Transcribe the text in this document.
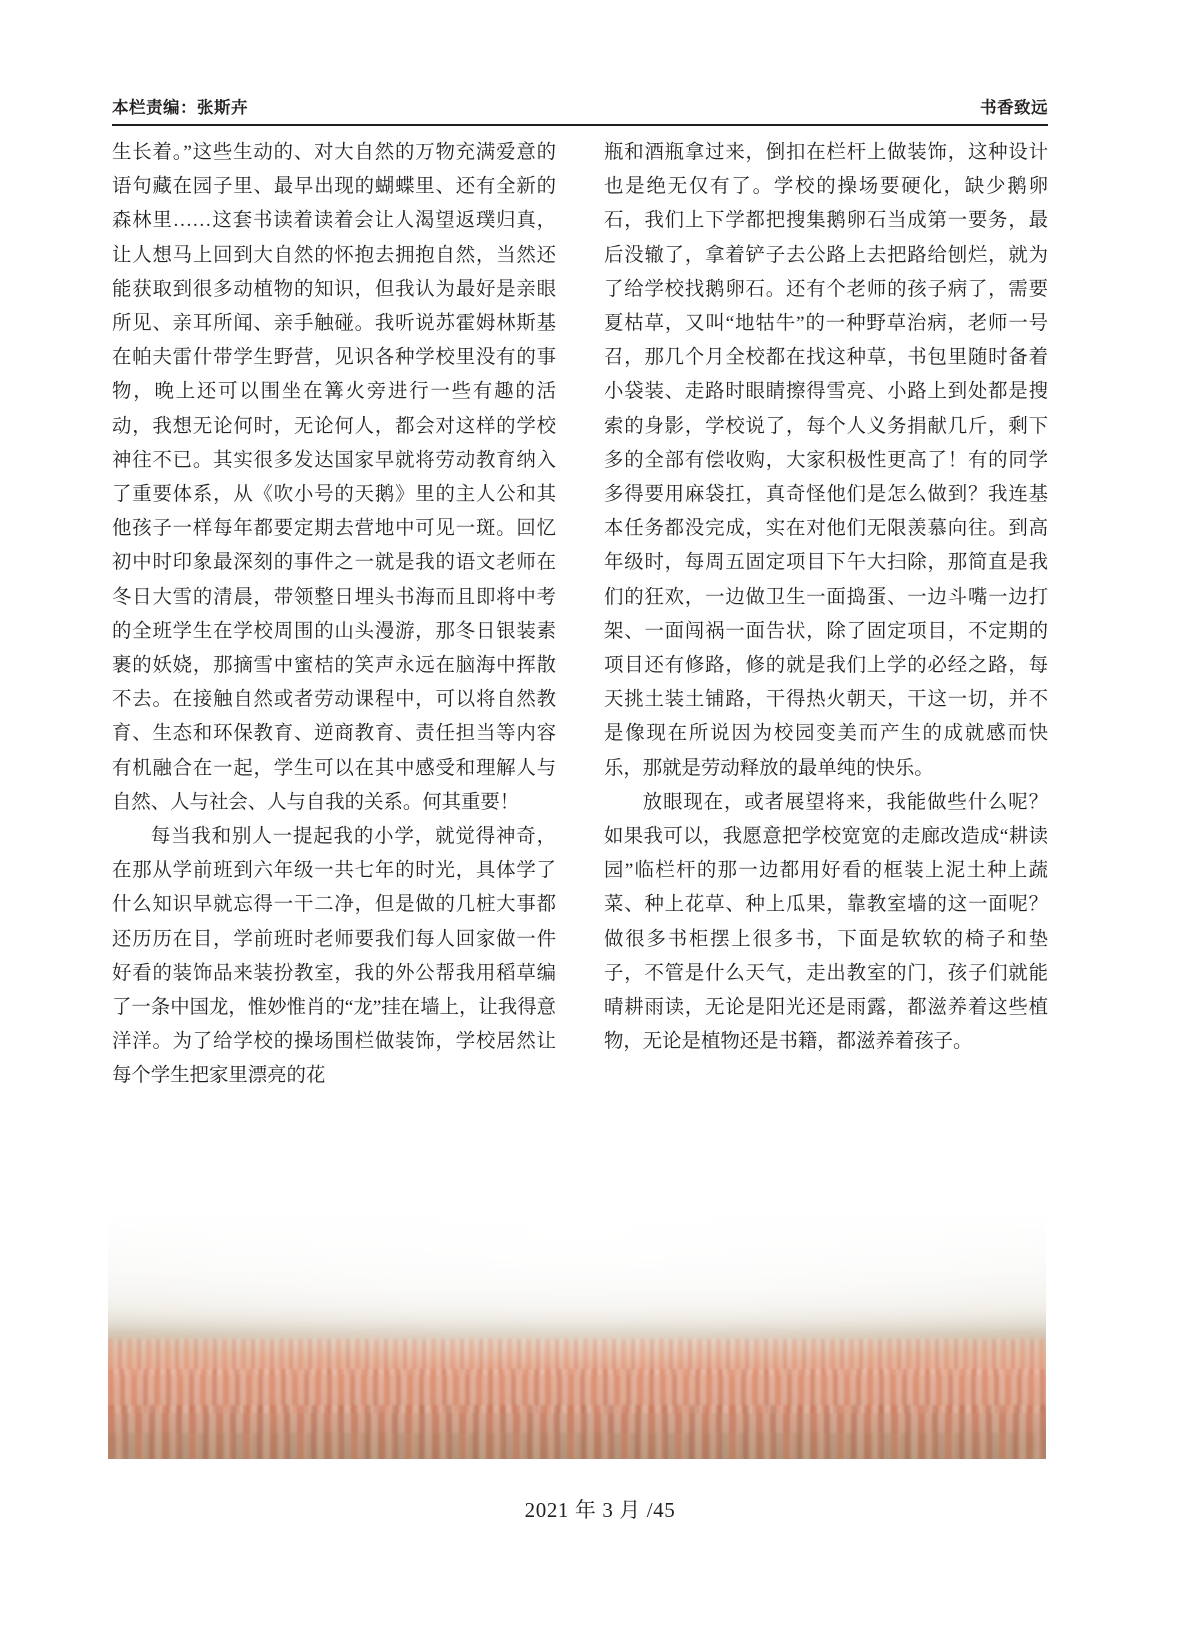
本栏责编：张斯卉	书香致远

生长着。”这些生动的、对大自然的万物充满爱意的语句藏在园子里、最早出现的蝴蝶里、还有全新的森林里……这套书读着读着会让人渴望返璞归真，让人想马上回到大自然的怀抱去拥抱自然，当然还能获取到很多动植物的知识，但我认为最好是亲眼所见、亲耳所闻、亲手触碰。我听说苏霍姆林斯基在帕夫雷什带学生野营，见识各种学校里没有的事物，晚上还可以围坐在篝火旁进行一些有趣的活动，我想无论何时，无论何人，都会对这样的学校神往不已。其实很多发达国家早就将劳动教育纳入了重要体系，从《吹小号的天鹅》里的主人公和其他孩子一样每年都要定期去营地中可见一斑。回忆初中时印象最深刻的事件之一就是我的语文老师在冬日大雪的清晨，带领整日埋头书海而且即将中考的全班学生在学校周围的山头漫游，那冬日银装素裹的妖娆，那摘雪中蜜桔的笑声永远在脑海中挥散不去。在接触自然或者劳动课程中，可以将自然教育、生态和环保教育、逆商教育、责任担当等内容有机融合在一起，学生可以在其中感受和理解人与自然、人与社会、人与自我的关系。何其重要！

每当我和别人一提起我的小学，就觉得神奇，在那从学前班到六年级一共七年的时光，具体学了什么知识早就忘得一干二净，但是做的几桩大事都还历历在目，学前班时老师要我们每人回家做一件好看的装饰品来装扮教室，我的外公帮我用稻草编了一条中国龙，惟妙惟肖的“龙”挂在墙上，让我得意洋洋。为了给学校的操场围栏做装饰，学校居然让每个学生把家里漂亮的花

瓶和酒瓶拿过来，倒扣在栏杆上做装饰，这种设计也是绝无仅有了。学校的操场要硬化，缺少鹅卵石，我们上下学都把搜集鹅卵石当成第一要务，最后没辙了，拿着铲子去公路上去把路给刨烂，就为了给学校找鹅卵石。还有个老师的孩子病了，需要夏枯草，又叫“地牯牛”的一种野草治病，老师一号召，那几个月全校都在找这种草，书包里随时备着小袋装、走路时眼睛擦得雪亮、小路上到处都是搜索的身影，学校说了，每个人义务捐献几斤，剩下多的全部有偿收购，大家积极性更高了！有的同学多得要用麻袋扛，真奇怪他们是怎么做到？我连基本任务都没完成，实在对他们无限羡慕向往。到高年级时，每周五固定项目下午大扫除，那简直是我们的狂欢，一边做卫生一面捣蛋、一边斗嘴一边打架、一面闯祸一面告状，除了固定项目，不定期的项目还有修路，修的就是我们上学的必经之路，每天挑土装土铺路，干得热火朝天，干这一切，并不是像现在所说因为校园变美而产生的成就感而快乐，那就是劳动释放的最单纯的快乐。

放眼现在，或者展望将来，我能做些什么呢？如果我可以，我愿意把学校宽宽的走廊改造成“耕读园”临栏杆的那一边都用好看的框装上泥土种上蔬菜、种上花草、种上瓜果，靠教室墙的这一面呢？做很多书柜摆上很多书，下面是软软的椅子和垫子，不管是什么天气，走出教室的门，孩子们就能晴耕雨读，无论是阳光还是雨露，都滋养着这些植物，无论是植物还是书籍，都滋养着孩子。

2021 年 3 月 /45
